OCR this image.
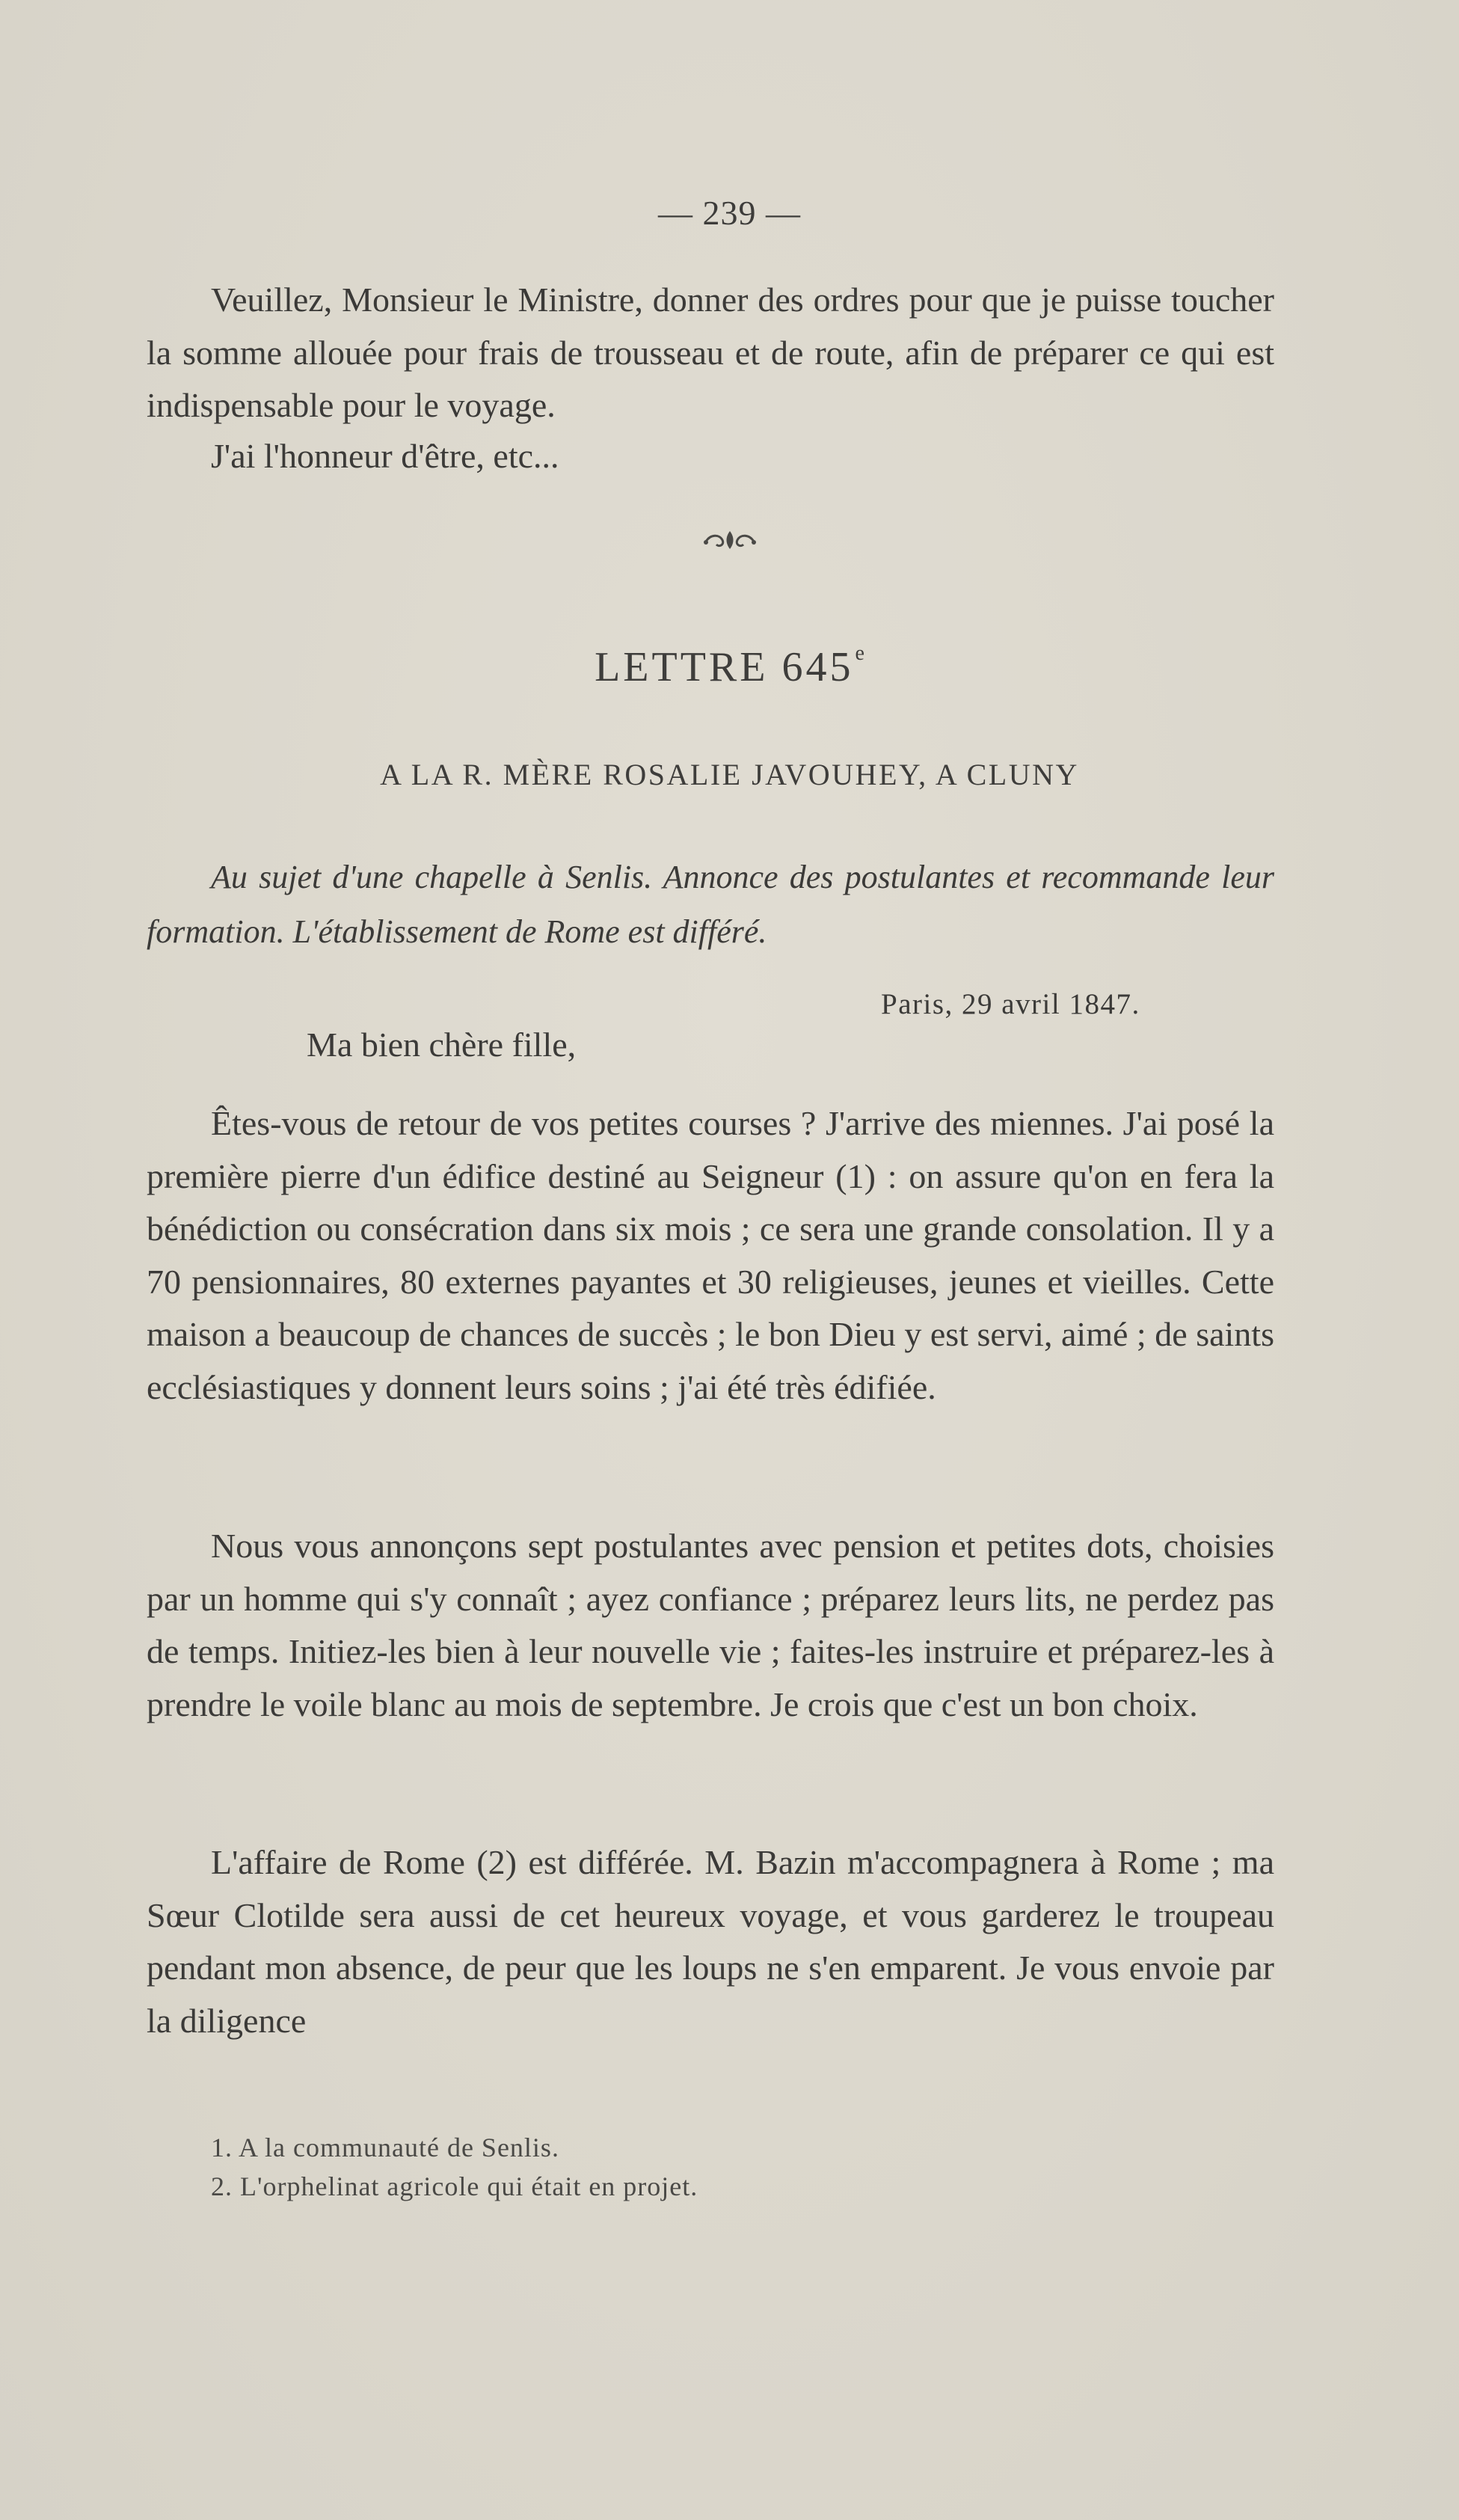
— 239 —

Veuillez, Monsieur le Ministre, donner des ordres pour que je puisse toucher la somme allouée pour frais de trousseau et de route, afin de préparer ce qui est indispensable pour le voyage.

J'ai l'honneur d'être, etc...

LETTRE 645e
A LA R. MÈRE ROSALIE JAVOUHEY, A CLUNY

Au sujet d'une chapelle à Senlis. Annonce des postulantes et recommande leur formation. L'établissement de Rome est différé.

Paris, 29 avril 1847.
Ma bien chère fille,

Êtes-vous de retour de vos petites courses ? J'arrive des miennes. J'ai posé la première pierre d'un édifice destiné au Seigneur (1) : on assure qu'on en fera la bénédiction ou consécration dans six mois ; ce sera une grande consolation. Il y a 70 pensionnaires, 80 externes payantes et 30 religieuses, jeunes et vieilles. Cette maison a beaucoup de chances de succès ; le bon Dieu y est servi, aimé ; de saints ecclésiastiques y donnent leurs soins ; j'ai été très édifiée.

Nous vous annonçons sept postulantes avec pension et petites dots, choisies par un homme qui s'y connaît ; ayez confiance ; préparez leurs lits, ne perdez pas de temps. Initiez-les bien à leur nouvelle vie ; faites-les instruire et préparez-les à prendre le voile blanc au mois de septembre. Je crois que c'est un bon choix.

L'affaire de Rome (2) est différée. M. Bazin m'accompagnera à Rome ; ma Sœur Clotilde sera aussi de cet heureux voyage, et vous garderez le troupeau pendant mon absence, de peur que les loups ne s'en emparent. Je vous envoie par la diligence

1. A la communauté de Senlis.

2. L'orphelinat agricole qui était en projet.
